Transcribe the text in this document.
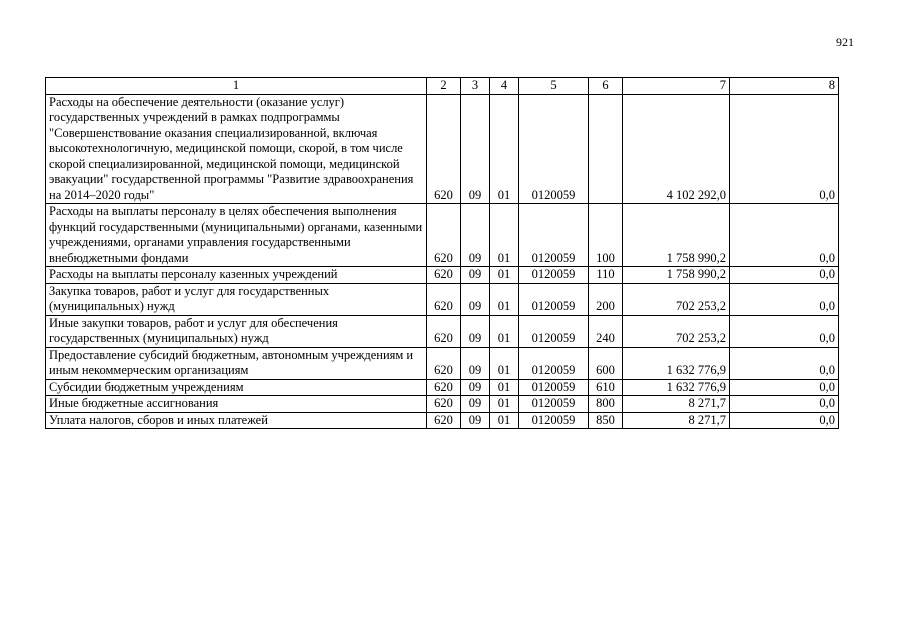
921
1	2	3	4	5	6	7	8
Расходы на обеспечение деятельности (оказание услуг) государственных учреждений в рамках подпрограммы "Совершенствование оказания специализированной, включая высокотехнологичную, медицинской помощи, скорой, в том числе скорой специализированной, медицинской помощи, медицинской эвакуации" государственной программы "Развитие здравоохранения на 2014–2020 годы"	620	09	01	0120059		4 102 292,0	0,0
Расходы на выплаты персоналу в целях обеспечения выполнения функций государственными (муниципальными) органами, казенными учреждениями, органами управления государственными внебюджетными фондами	620	09	01	0120059	100	1 758 990,2	0,0
Расходы на выплаты персоналу казенных учреждений	620	09	01	0120059	110	1 758 990,2	0,0
Закупка товаров, работ и услуг для государственных (муниципальных) нужд	620	09	01	0120059	200	702 253,2	0,0
Иные закупки товаров, работ и услуг для обеспечения государственных (муниципальных) нужд	620	09	01	0120059	240	702 253,2	0,0
Предоставление субсидий бюджетным, автономным учреждениям и иным некоммерческим организациям	620	09	01	0120059	600	1 632 776,9	0,0
Субсидии бюджетным учреждениям	620	09	01	0120059	610	1 632 776,9	0,0
Иные бюджетные ассигнования	620	09	01	0120059	800	8 271,7	0,0
Уплата налогов, сборов и иных платежей	620	09	01	0120059	850	8 271,7	0,0
